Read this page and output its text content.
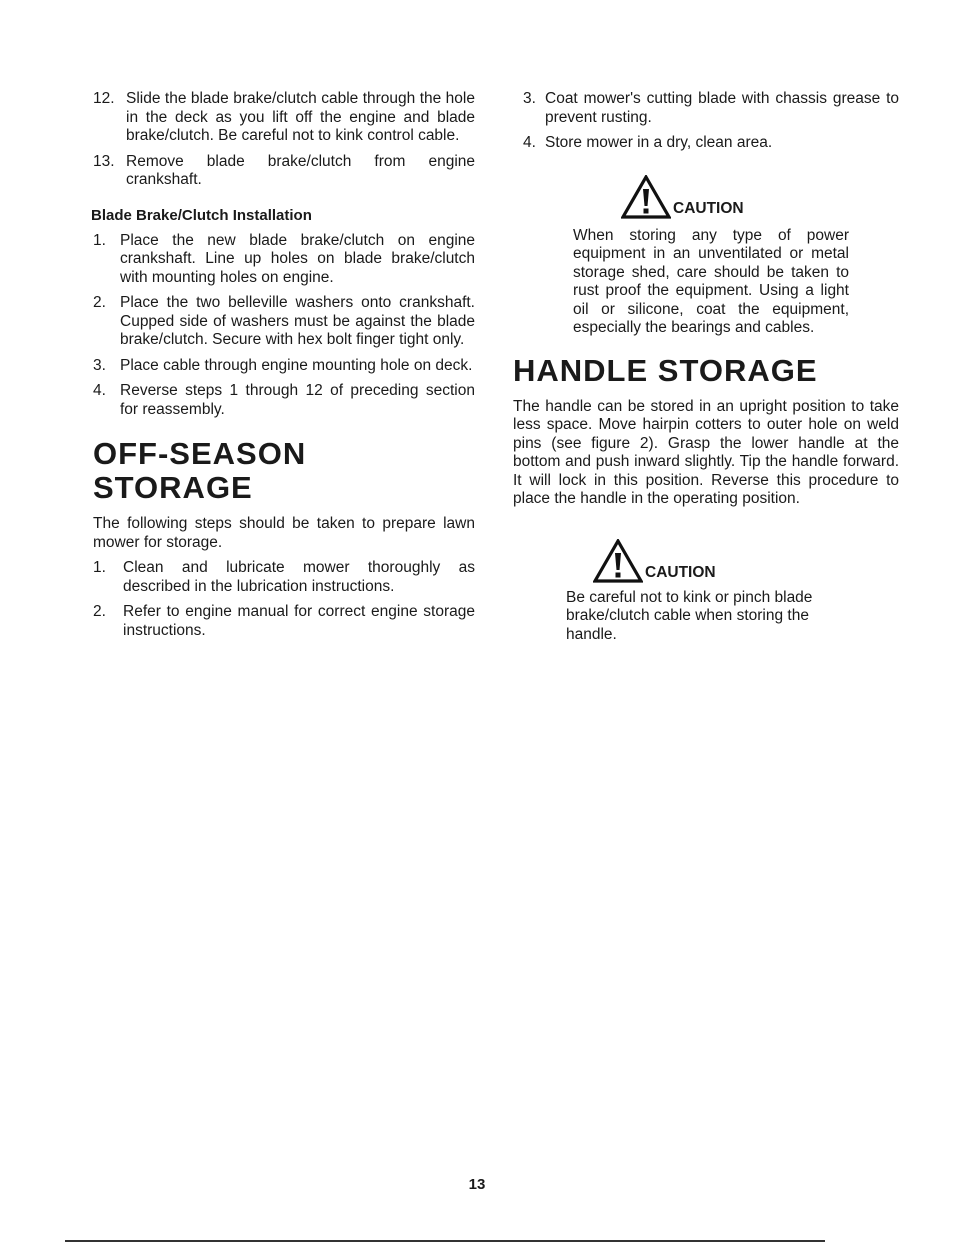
12. Slide the blade brake/clutch cable through the hole in the deck as you lift off the engine and blade brake/clutch. Be careful not to kink control cable.
13. Remove blade brake/clutch from engine crankshaft.
Blade Brake/Clutch Installation
1. Place the new blade brake/clutch on engine crankshaft. Line up holes on blade brake/clutch with mounting holes on engine.
2. Place the two belleville washers onto crankshaft. Cupped side of washers must be against the blade brake/clutch. Secure with hex bolt finger tight only.
3. Place cable through engine mounting hole on deck.
4. Reverse steps 1 through 12 of preceding section for reassembly.
OFF-SEASON STORAGE

The following steps should be taken to prepare lawn mower for storage.

1.	Clean and lubricate mower thoroughly as described in the lubrication instructions.
2.	Refer to engine manual for correct engine storage instructions.
3. Coat mower's cutting blade with chassis grease to prevent rusting.
4. Store mower in a dry, clean area.
CAUTION

When storing any type of power equipment in an unventilated or metal storage shed, care should be taken to rust proof the equipment. Using a light oil or silicone, coat the equipment, especially the bearings and cables.

HANDLE STORAGE

The handle can be stored in an upright position to take less space. Move hairpin cotters to outer hole on weld pins (see figure 2). Grasp the lower handle at the bottom and push inward slightly. Tip the handle forward. It will lock in this position. Reverse this procedure to place the handle in the operating position.

CAUTION

Be careful not to kink or pinch blade brake/clutch cable when storing the handle.

13
